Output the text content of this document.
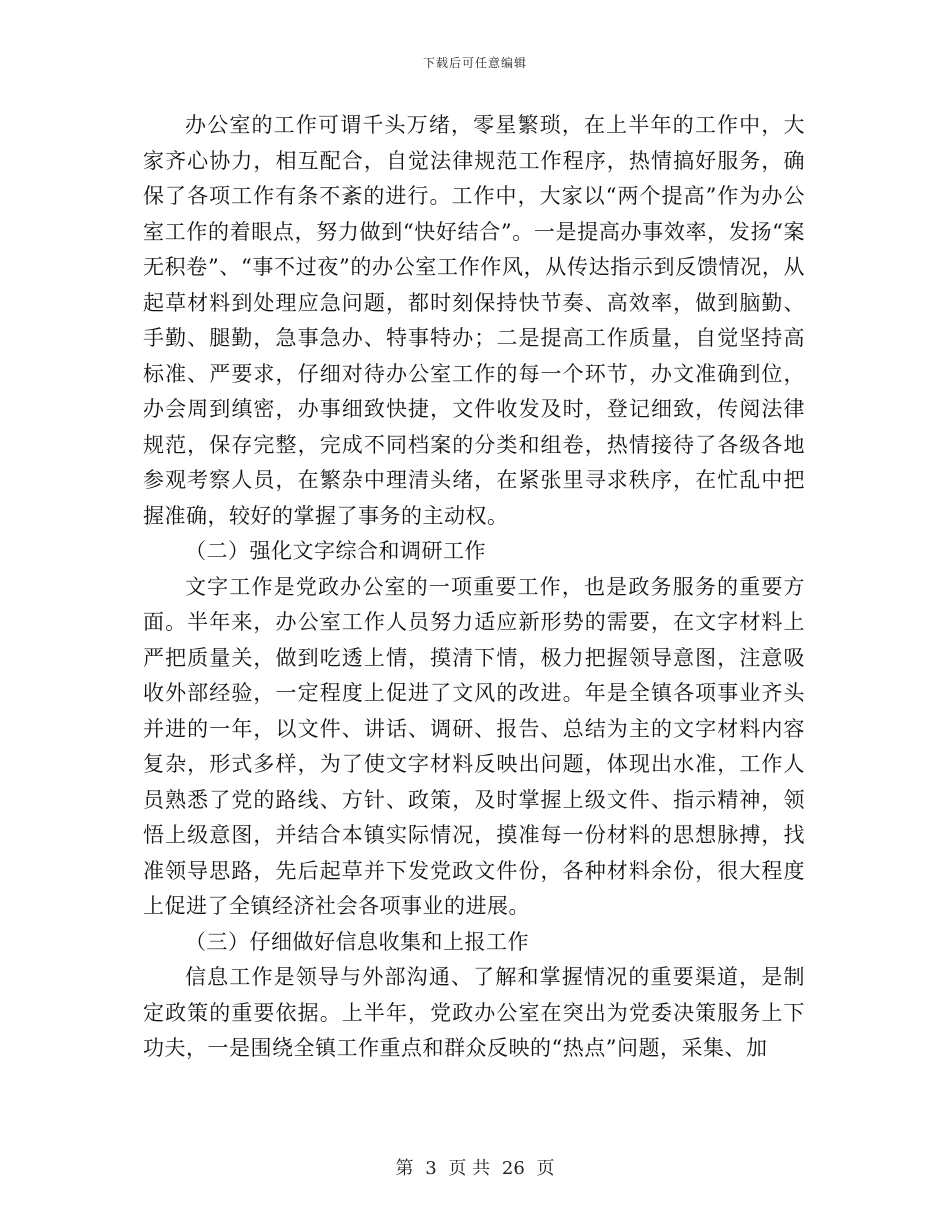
下载后可任意编辑

办公室的工作可谓千头万绪，零星繁琐，在上半年的工作中，大家齐心协力，相互配合，自觉法律规范工作程序，热情搞好服务，确保了各项工作有条不紊的进行。工作中，大家以“两个提高”作为办公室工作的着眼点，努力做到“快好结合”。一是提高办事效率，发扬“案无积卷”、“事不过夜”的办公室工作作风，从传达指示到反馈情况，从起草材料到处理应急问题，都时刻保持快节奏、高效率，做到脑勤、手勤、腿勤，急事急办、特事特办；二是提高工作质量，自觉坚持高标准、严要求，仔细对待办公室工作的每一个环节，办文准确到位，办会周到缜密，办事细致快捷，文件收发及时，登记细致，传阅法律规范，保存完整，完成不同档案的分类和组卷，热情接待了各级各地参观考察人员，在繁杂中理清头绪，在紧张里寻求秩序，在忙乱中把握准确，较好的掌握了事务的主动权。

（二）强化文字综合和调研工作

文字工作是党政办公室的一项重要工作，也是政务服务的重要方面。半年来，办公室工作人员努力适应新形势的需要，在文字材料上严把质量关，做到吃透上情，摸清下情，极力把握领导意图，注意吸收外部经验，一定程度上促进了文风的改进。年是全镇各项事业齐头并进的一年，以文件、讲话、调研、报告、总结为主的文字材料内容复杂，形式多样，为了使文字材料反映出问题，体现出水准，工作人员熟悉了党的路线、方针、政策，及时掌握上级文件、指示精神，领悟上级意图，并结合本镇实际情况，摸准每一份材料的思想脉搏，找准领导思路，先后起草并下发党政文件份，各种材料余份，很大程度上促进了全镇经济社会各项事业的进展。

（三）仔细做好信息收集和上报工作

信息工作是领导与外部沟通、了解和掌握情况的重要渠道，是制定政策的重要依据。上半年，党政办公室在突出为党委决策服务上下功夫，一是围绕全镇工作重点和群众反映的“热点”问题，采集、加

第 3 页 共 26 页
